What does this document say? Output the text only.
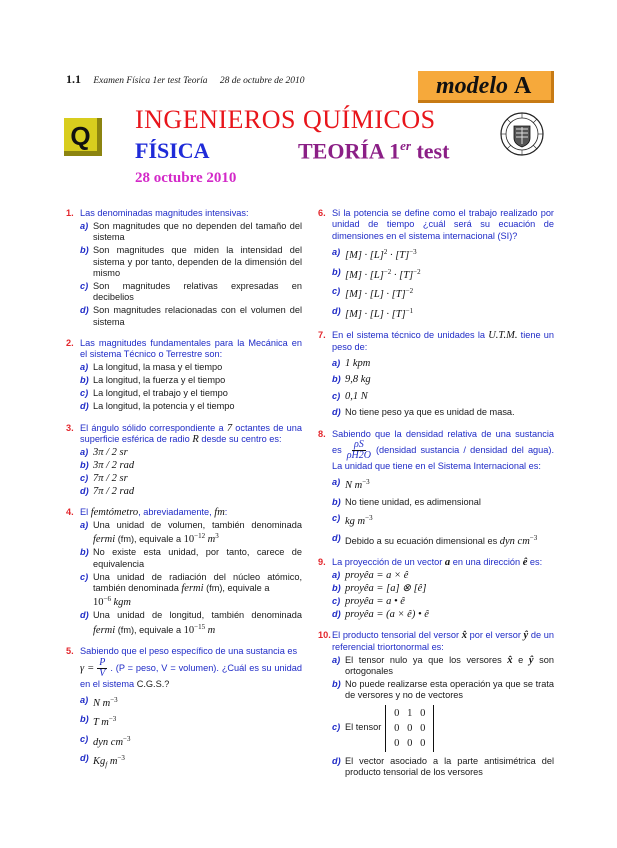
1.1 Examen Física 1er test Teoría 28 de octubre de 2010	modelo A
Q
INGENIEROS QUÍMICOS
FÍSICA	TEORÍA 1er test
28 octubre 2010
1. Las denominadas magnitudes intensivas:
a) Son magnitudes que no dependen del tamaño del sistema
b) Son magnitudes que miden la intensidad del sistema y por tanto, dependen de la dimensión del mismo
c) Son magnitudes relativas expresadas en decibelios
d) Son magnitudes relacionadas con el volumen del sistema
2. Las magnitudes fundamentales para la Mecánica en el sistema Técnico o Terrestre son:
a) La longitud, la masa y el tiempo
b) La longitud, la fuerza y el tiempo
c) La longitud, el trabajo y el tiempo
d) La longitud, la potencia y el tiempo
3. El ángulo sólido correspondiente a 7 octantes de una superficie esférica de radio R desde su centro es:
a) 3π / 2 sr
b) 3π / 2 rad
c) 7π / 2 sr
d) 7π / 2 rad
4. El femtómetro, abreviadamente, fm:
a) Una unidad de volumen, también denominada fermi (fm), equivale a $10^{-12}$ $m^3$
b) No existe esta unidad, por tanto, carece de equivalencia
c) Una unidad de radiación del núcleo atómico, también denominada fermi (fm), equivale a
$10^{-6}$ kgm
d) Una unidad de longitud, también denominada fermi (fm), equivale a $10^{-15}$ m
5. Sabiendo que el peso específico de una sustancia es
$\gamma = \frac{P}{V}$ . (P = peso, V = volumen). ¿Cuál es su unidad en el sistema C.G.S.?
a) N $m^{-3}$
b) T $m^{-3}$
c) dyn $cm^{-3}$
d) $Kg_f$ $m^{-3}$
6. Si la potencia se define como el trabajo realizado por unidad de tiempo ¿cuál será su ecuación de dimensiones en el sistema internacional (SI)?
a) $[M] \cdot [L]^2 \cdot [T]^{-3}$
b) $[M] \cdot [L]^{-2} \cdot [T]^{-2}$
c) $[M] \cdot [L] \cdot [T]^{-2}$
d) $[M] \cdot [L] \cdot [T]^{-1}$
7. En el sistema técnico de unidades la U.T.M. tiene un peso de:
a) 1 kpm
b) 9,8 kg
c) 0,1 N
d) No tiene peso ya que es unidad de masa.
8. Sabiendo que la densidad relativa de una sustancia es $\frac{\rho S}{\rho H2O}$ (densidad sustancia / densidad del agua). La unidad que tiene en el Sistema Internacional es:
a) N $m^{-3}$
b) No tiene unidad, es adimensional
c) kg $m^{-3}$
d) Debido a su ecuación dimensional es dyn $cm^{-3}$
9. La proyección de un vector a en una dirección ê es:
a) proyêa = a × ê
b) proyêa = [a] ⊗ [ê]
c) proyêa = a • ê
d) proyêa = (a × ê) • ê
10. El producto tensorial del versor x̂ por el versor ŷ de un referencial triortonormal es:
a) El tensor nulo ya que los versores x̂ e ŷ son ortogonales
b) No puede realizarse esta operación ya que se trata de versores y no de vectores
c) El tensor
0 1 0
0 0 0
0 0 0
d) El vector asociado a la parte antisimétrica del producto tensorial de los versores
